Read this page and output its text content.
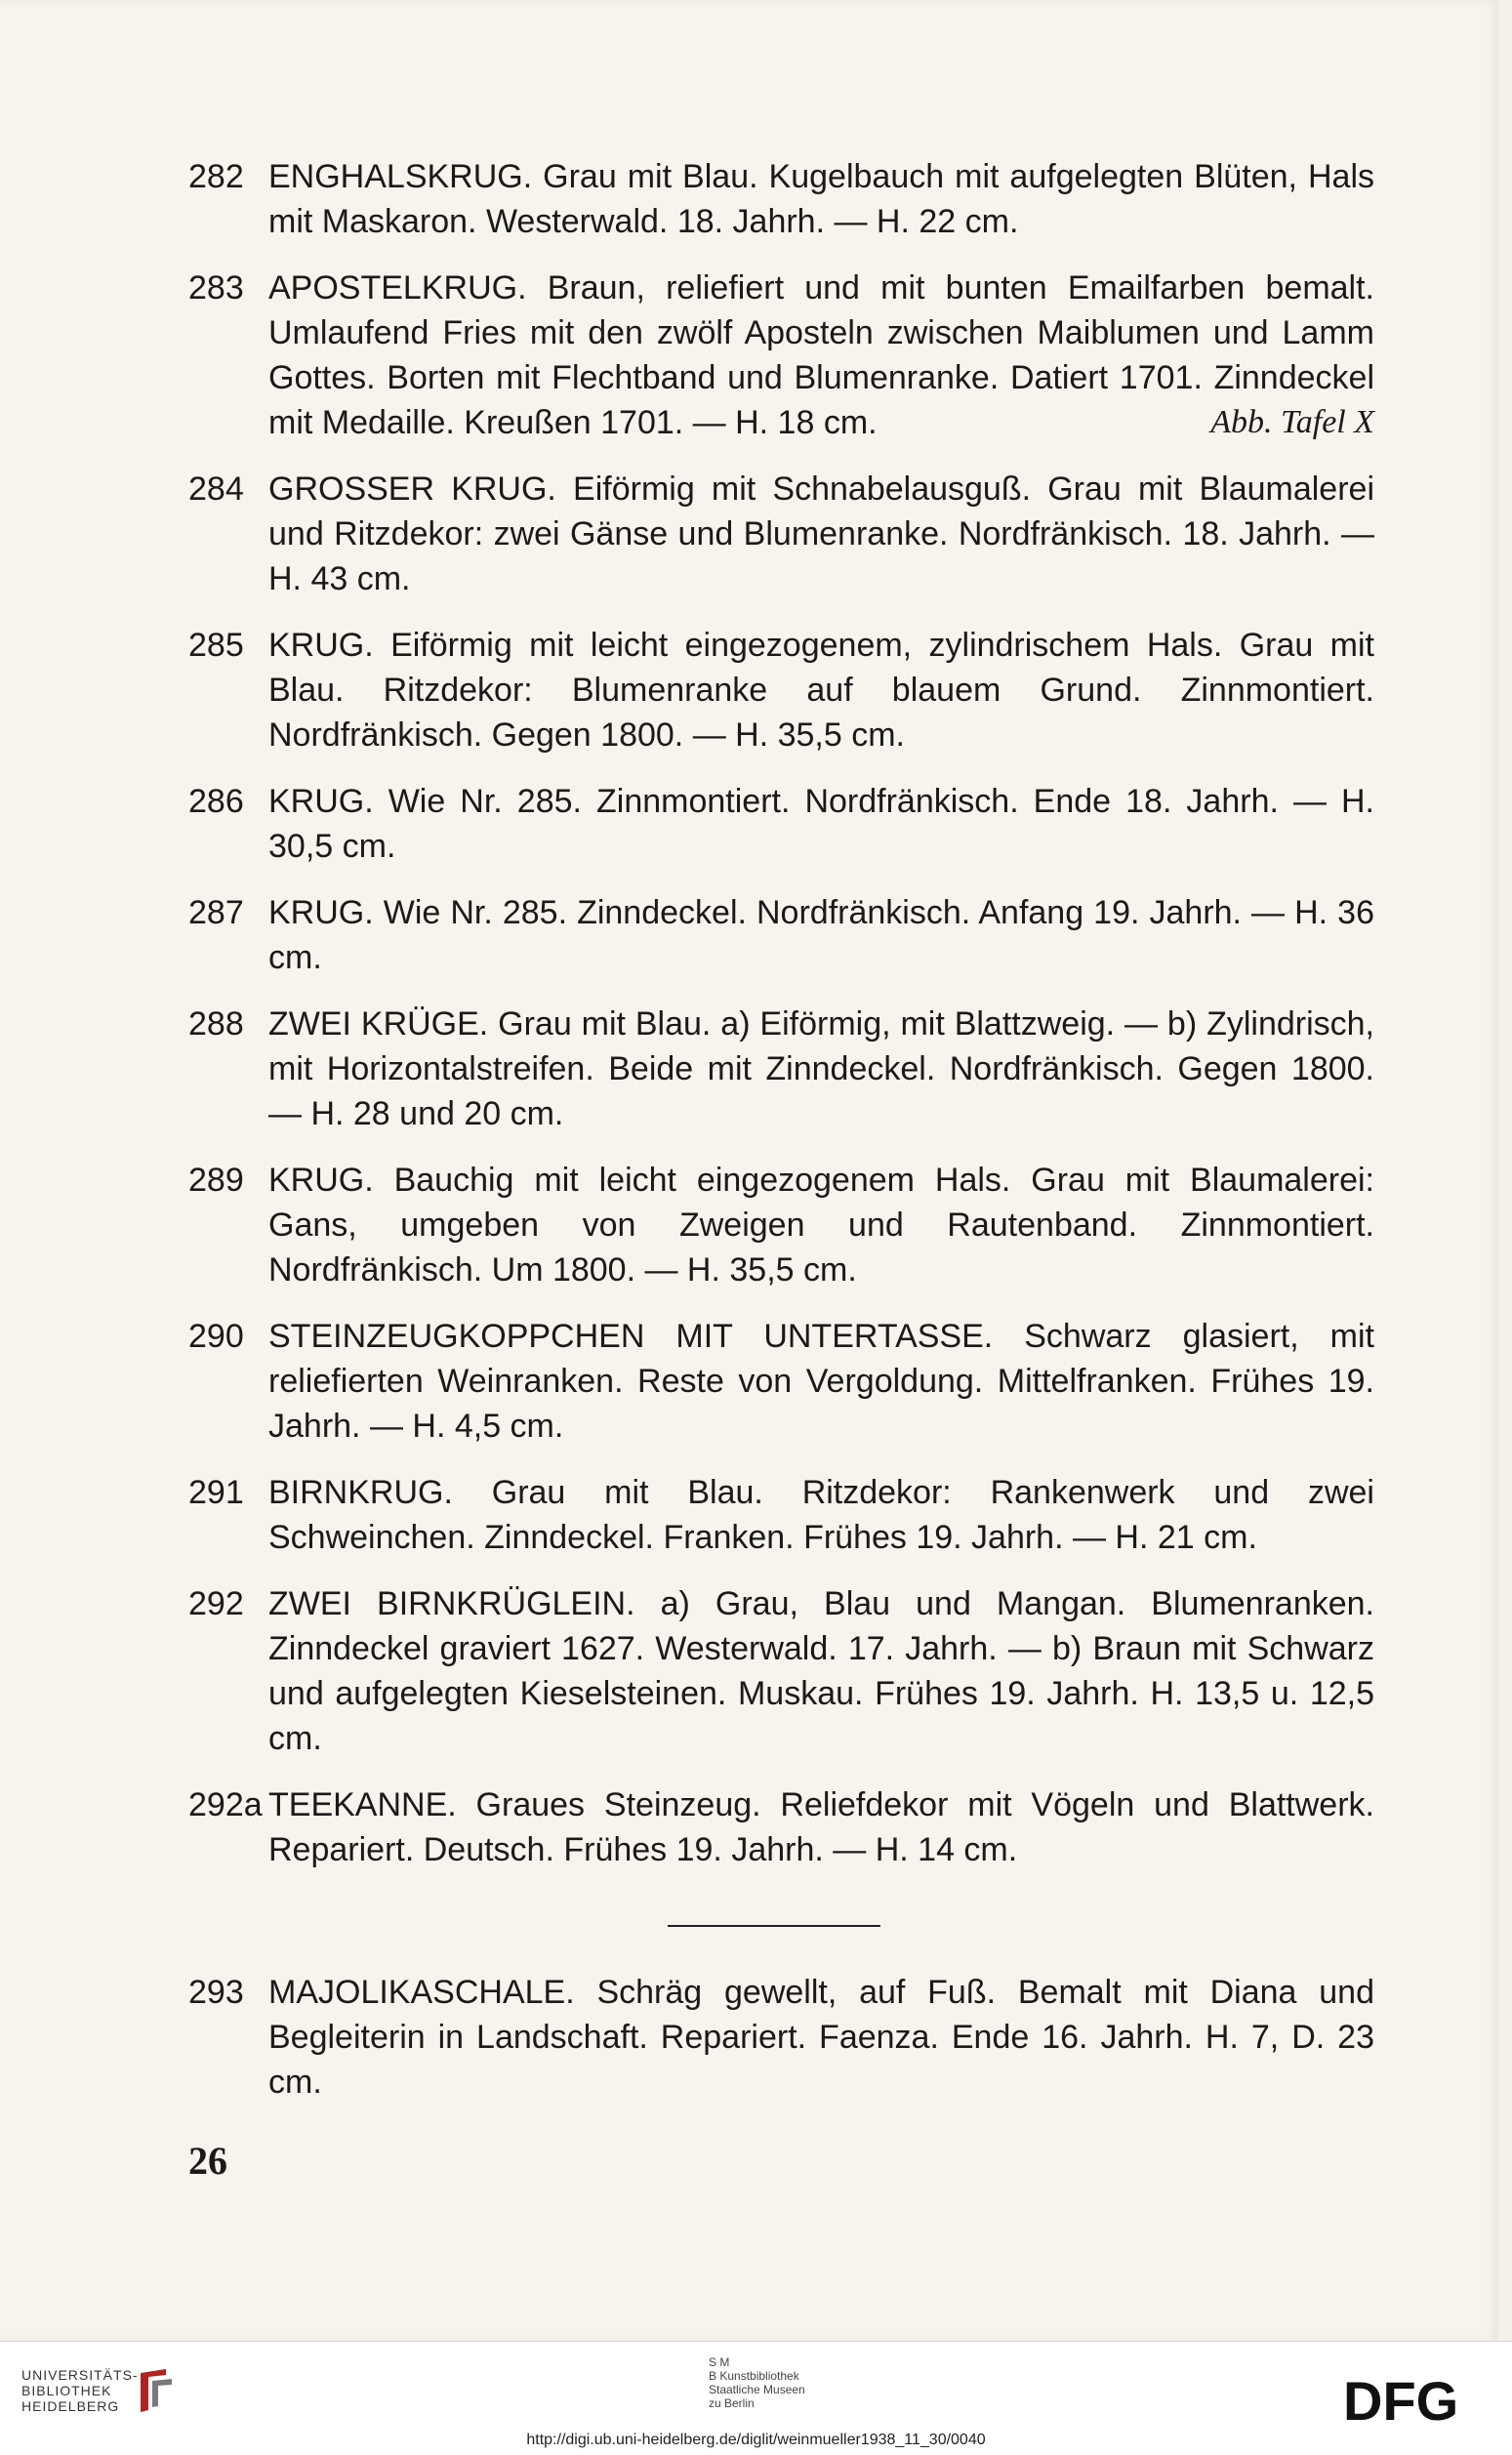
282 ENGHALSKRUG. Grau mit Blau. Kugelbauch mit aufgelegten Blüten, Hals mit Maskaron. Westerwald. 18. Jahrh. — H. 22 cm.
283 APOSTELKRUG. Braun, reliefiert und mit bunten Emailfarben bemalt. Umlaufend Fries mit den zwölf Aposteln zwischen Maiblumen und Lamm Gottes. Borten mit Flechtband und Blumenranke. Datiert 1701. Zinndeckel mit Medaille. Kreußen 1701. — H. 18 cm.	Abb. Tafel X
284 GROSSER KRUG. Eiförmig mit Schnabelausguß. Grau mit Blaumalerei und Ritzdekor: zwei Gänse und Blumenranke. Nordfränkisch. 18. Jahrh. — H. 43 cm.
285 KRUG. Eiförmig mit leicht eingezogenem, zylindrischem Hals. Grau mit Blau. Ritzdekor: Blumenranke auf blauem Grund. Zinnmontiert. Nordfränkisch. Gegen 1800. — H. 35,5 cm.
286 KRUG. Wie Nr. 285. Zinnmontiert. Nordfränkisch. Ende 18. Jahrh. — H. 30,5 cm.
287 KRUG. Wie Nr. 285. Zinndeckel. Nordfränkisch. Anfang 19. Jahrh. — H. 36 cm.
288 ZWEI KRÜGE. Grau mit Blau. a) Eiförmig, mit Blattzweig. — b) Zylindrisch, mit Horizontalstreifen. Beide mit Zinndeckel. Nordfränkisch. Gegen 1800. — H. 28 und 20 cm.
289 KRUG. Bauchig mit leicht eingezogenem Hals. Grau mit Blaumalerei: Gans, umgeben von Zweigen und Rautenband. Zinnmontiert. Nordfränkisch. Um 1800. — H. 35,5 cm.
290 STEINZEUGKOPPCHEN MIT UNTERTASSE. Schwarz glasiert, mit reliefierten Weinranken. Reste von Vergoldung. Mittelfranken. Frühes 19. Jahrh. — H. 4,5 cm.
291 BIRNKRUG. Grau mit Blau. Ritzdekor: Rankenwerk und zwei Schweinchen. Zinndeckel. Franken. Frühes 19. Jahrh. — H. 21 cm.
292 ZWEI BIRNKRÜGLEIN. a) Grau, Blau und Mangan. Blumenranken. Zinndeckel graviert 1627. Westerwald. 17. Jahrh. — b) Braun mit Schwarz und aufgelegten Kieselsteinen. Muskau. Frühes 19. Jahrh. H. 13,5 u. 12,5 cm.
292a TEEKANNE. Graues Steinzeug. Reliefdekor mit Vögeln und Blattwerk. Repariert. Deutsch. Frühes 19. Jahrh. — H. 14 cm.
293 MAJOLIKASCHALE. Schräg gewellt, auf Fuß. Bemalt mit Diana und Begleiterin in Landschaft. Repariert. Faenza. Ende 16. Jahrh. H. 7, D. 23 cm.
26
UNIVERSITÄTS-
BIBLIOTHEK
HEIDELBERG
S M
B Kunstbibliothek
Staatliche Museen
zu Berlin	DFG
http://digi.ub.uni-heidelberg.de/diglit/weinmueller1938_11_30/0040
